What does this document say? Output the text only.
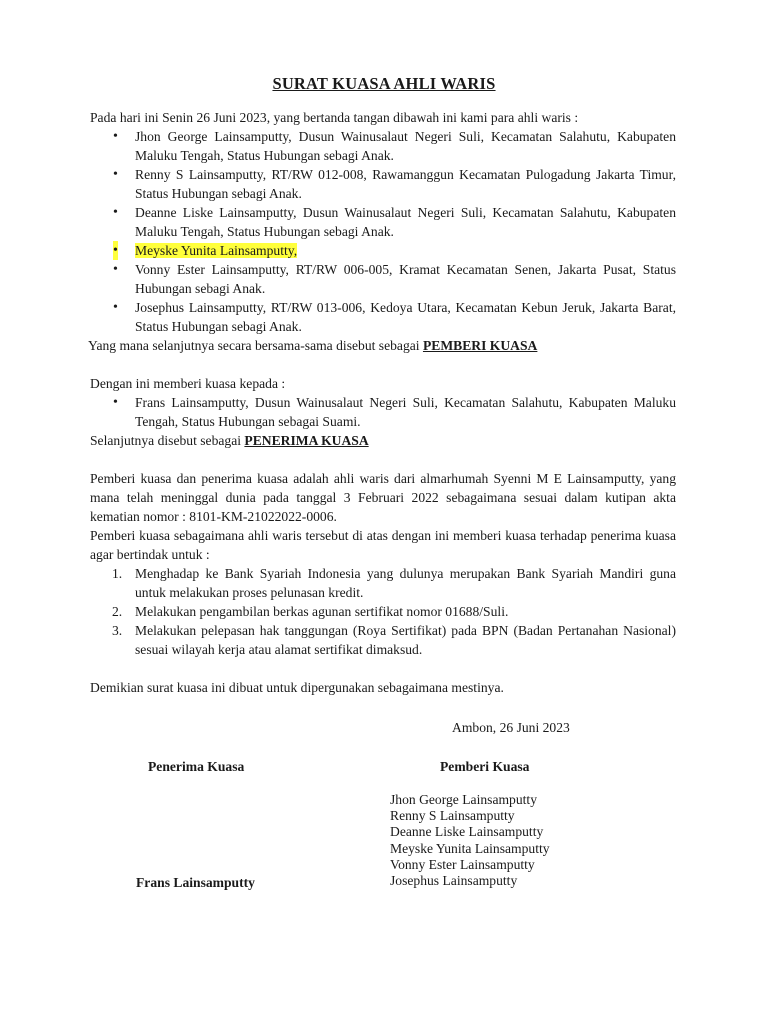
SURAT KUASA AHLI WARIS

Pada hari ini Senin 26 Juni 2023, yang bertanda tangan dibawah ini kami para ahli waris :

• Jhon George Lainsamputty, Dusun Wainusalaut Negeri Suli, Kecamatan Salahutu, Kabupaten Maluku Tengah, Status Hubungan sebagi Anak.
• Renny S Lainsamputty, RT/RW 012-008, Rawamanggun Kecamatan Pulogadung Jakarta Timur, Status Hubungan sebagi Anak.
• Deanne Liske Lainsamputty, Dusun Wainusalaut Negeri Suli, Kecamatan Salahutu, Kabupaten Maluku Tengah, Status Hubungan sebagi Anak.
• Meyske Yunita Lainsamputty,
• Vonny Ester Lainsamputty, RT/RW 006-005, Kramat Kecamatan Senen, Jakarta Pusat, Status Hubungan sebagi Anak.
• Josephus Lainsamputty, RT/RW 013-006, Kedoya Utara, Kecamatan Kebun Jeruk, Jakarta Barat, Status Hubungan sebagi Anak.

Yang mana selanjutnya secara bersama-sama disebut sebagai PEMBERI KUASA

Dengan ini memberi kuasa kepada :

• Frans Lainsamputty, Dusun Wainusalaut Negeri Suli, Kecamatan Salahutu, Kabupaten Maluku Tengah, Status Hubungan sebagai Suami.

Selanjutnya disebut sebagai PENERIMA KUASA

Pemberi kuasa dan penerima kuasa adalah ahli waris dari almarhumah Syenni M E Lainsamputty, yang mana telah meninggal dunia pada tanggal 3 Februari 2022 sebagaimana sesuai dalam kutipan akta kematian nomor : 8101-KM-21022022-0006.

Pemberi kuasa sebagaimana ahli waris tersebut di atas dengan ini memberi kuasa terhadap penerima kuasa agar bertindak untuk :

1. Menghadap ke Bank Syariah Indonesia yang dulunya merupakan Bank Syariah Mandiri guna untuk melakukan proses pelunasan kredit.
2. Melakukan pengambilan berkas agunan sertifikat nomor 01688/Suli.
3. Melakukan pelepasan hak tanggungan (Roya Sertifikat) pada BPN (Badan Pertanahan Nasional) sesuai wilayah kerja atau alamat sertifikat dimaksud.

Demikian surat kuasa ini dibuat untuk dipergunakan sebagaimana mestinya.

Ambon, 26 Juni 2023
Penerima Kuasa	Pemberi Kuasa
Jhon George Lainsamputty
Renny S Lainsamputty
Deanne Liske Lainsamputty
Meyske Yunita Lainsamputty
Vonny Ester Lainsamputty
Josephus Lainsamputty
Frans Lainsamputty
